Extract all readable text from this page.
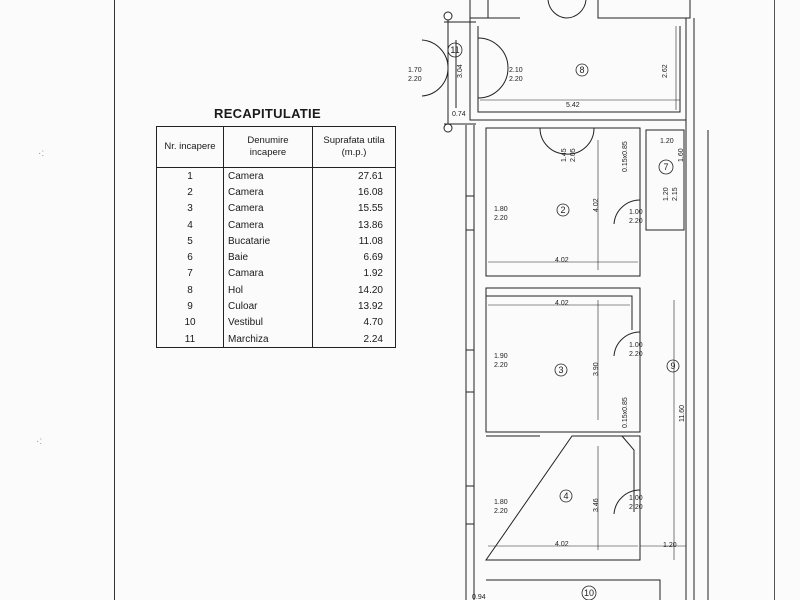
·:
·:
RECAPITULATIE
Nr. incapere	Denumire incapere	Suprafata utila (m.p.)
1	Camera	27.61
2	Camera	16.08
3	Camera	15.55
4	Camera	13.86
5	Bucatarie	11.08
6	Baie	6.69
7	Camara	1.92
8	Hol	14.20
9	Culoar	13.92
10	Vestibul	4.70
11	Marchiza	2.24
11
8
7
2
3	9
4
10
1.70
2.20
3.04	2.10
2.20
5.42
2.62
0.74
1.45 2.05	0.15x0.85	1.20
1.60
1.20 2.15
1.80
2.20
4.02
1.00
2.20
4.02
4.02
1.90
2.20	3.90
1.00
2.20
0.15x0.85	11.60
1.80
2.20	3.46	1.00
2.20
4.02	1.20
0.94
